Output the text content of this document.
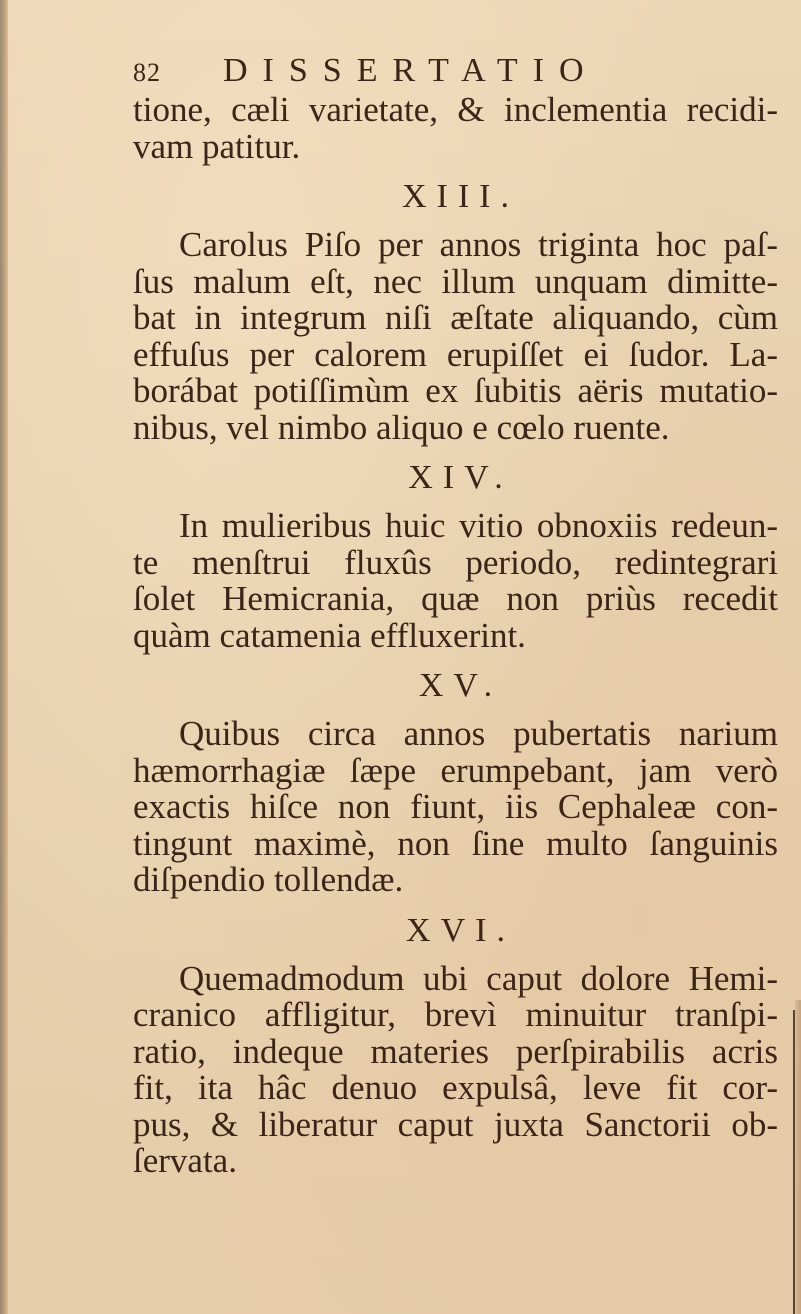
82	DISSERTATIO
tione, cæli varietate, & inclementia recidi-
vam patitur.
XIII.
Carolus Piſo per annos triginta hoc paſ-
ſus malum eſt, nec illum unquam dimitte-
bat in integrum niſi æſtate aliquando, cùm
effuſus per calorem erupiſſet ei ſudor. La-
borábat potiſſimùm ex ſubitis aëris mutatio-
nibus, vel nimbo aliquo e cœlo ruente.
XIV.
In mulieribus huic vitio obnoxiis redeun-
te menſtrui fluxûs periodo, redintegrari
ſolet Hemicrania, quæ non priùs recedit
quàm catamenia effluxerint.
XV.
Quibus circa annos pubertatis narium
hæmorrhagiæ ſæpe erumpebant, jam verò
exactis hiſce non fiunt, iis Cephaleæ con-
tingunt maximè, non ſine multo ſanguinis
diſpendio tollendæ.
XVI.
Quemadmodum ubi caput dolore Hemi-
cranico affligitur, brevì minuitur tranſpi-
ratio, indeque materies perſpirabilis acris
fit, ita hâc denuo expulsâ, leve fit cor-
pus, & liberatur caput juxta Sanctorii ob-
ſervata.
